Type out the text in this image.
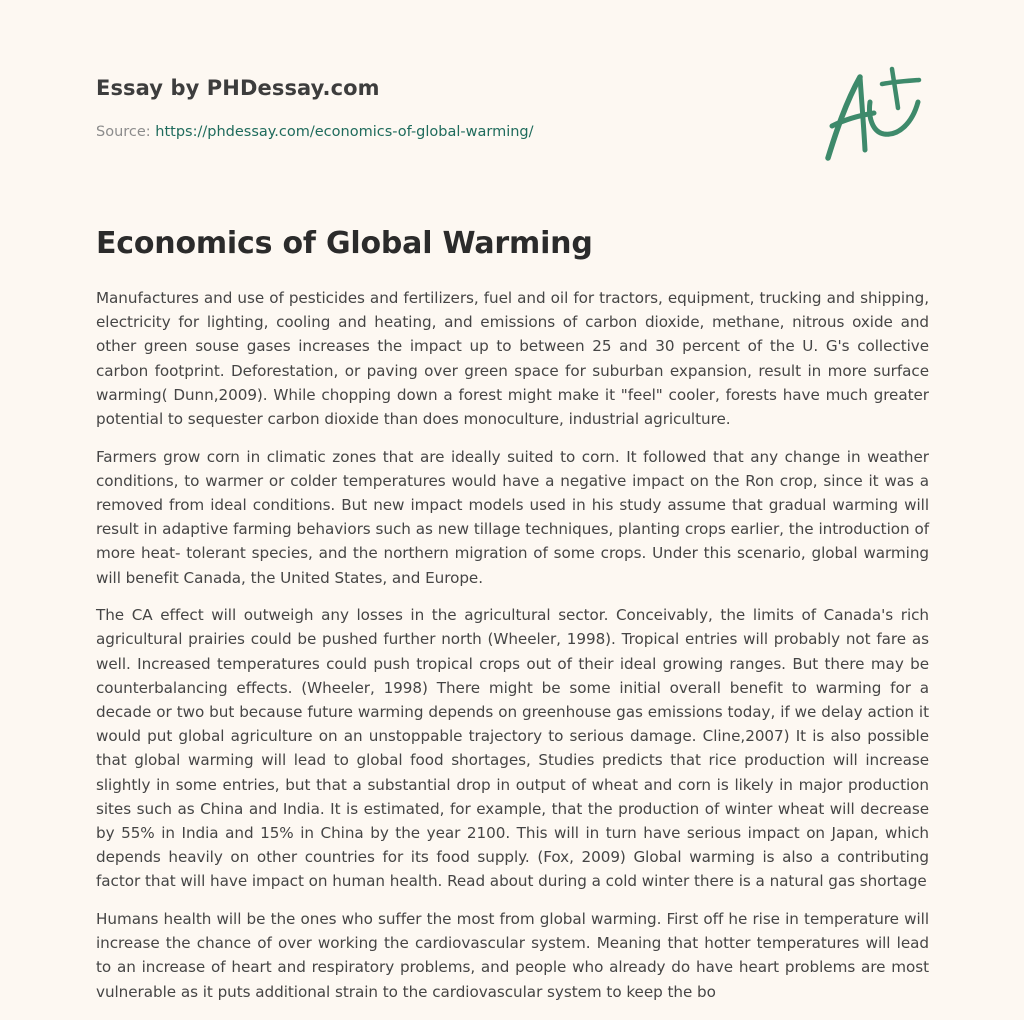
Essay by PHDessay.com
Source: https://phdessay.com/economics-of-global-warming/
Economics of Global Warming

Manufactures and use of pesticides and fertilizers, fuel and oil for tractors, equipment, trucking and shipping, electricity for lighting, cooling and heating, and emissions of carbon dioxide, methane, nitrous oxide and other green souse gases increases the impact up to between 25 and 30 percent of the U. G's collective carbon footprint. Deforestation, or paving over green space for suburban expansion, result in more surface warming( Dunn,2009). While chopping down a forest might make it "feel" cooler, forests have much greater potential to sequester carbon dioxide than does monoculture, industrial agriculture.

Farmers grow corn in climatic zones that are ideally suited to corn. It followed that any change in weather conditions, to warmer or colder temperatures would have a negative impact on the Ron crop, since it was a removed from ideal conditions. But new impact models used in his study assume that gradual warming will result in adaptive farming behaviors such as new tillage techniques, planting crops earlier, the introduction of more heat- tolerant species, and the northern migration of some crops. Under this scenario, global warming will benefit Canada, the United States, and Europe.

The CA effect will outweigh any losses in the agricultural sector. Conceivably, the limits of Canada's rich agricultural prairies could be pushed further north (Wheeler, 1998). Tropical entries will probably not fare as well. Increased temperatures could push tropical crops out of their ideal growing ranges. But there may be counterbalancing effects. (Wheeler, 1998) There might be some initial overall benefit to warming for a decade or two but because future warming depends on greenhouse gas emissions today, if we delay action it would put global agriculture on an unstoppable trajectory to serious damage. Cline,2007) It is also possible that global warming will lead to global food shortages, Studies predicts that rice production will increase slightly in some entries, but that a substantial drop in output of wheat and corn is likely in major production sites such as China and India. It is estimated, for example, that the production of winter wheat will decrease by 55% in India and 15% in China by the year 2100. This will in turn have serious impact on Japan, which depends heavily on other countries for its food supply. (Fox, 2009) Global warming is also a contributing factor that will have impact on human health. Read about during a cold winter there is a natural gas shortage

Humans health will be the ones who suffer the most from global warming. First off he rise in temperature will increase the chance of over working the cardiovascular system. Meaning that hotter temperatures will lead to an increase of heart and respiratory problems, and people who already do have heart problems are most vulnerable as it puts additional strain to the cardiovascular system to keep the bo
